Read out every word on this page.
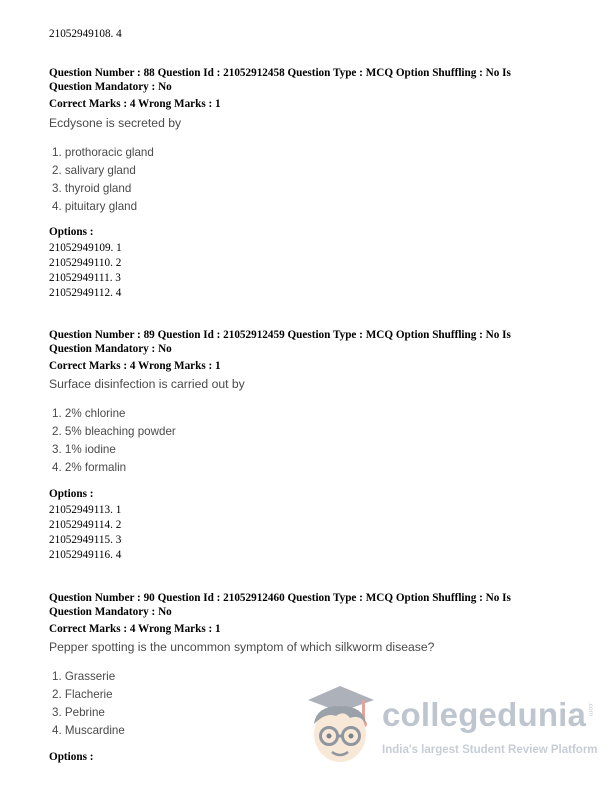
21052949108. 4
Question Number : 88 Question Id : 21052912458 Question Type : MCQ Option Shuffling : No Is
Question Mandatory : No
Correct Marks : 4 Wrong Marks : 1
Ecdysone is secreted by
1. prothoracic gland
2. salivary gland
3. thyroid gland
4. pituitary gland
Options :
21052949109. 1
21052949110. 2
21052949111. 3
21052949112. 4
Question Number : 89 Question Id : 21052912459 Question Type : MCQ Option Shuffling : No Is
Question Mandatory : No
Correct Marks : 4 Wrong Marks : 1
Surface disinfection is carried out by
1. 2% chlorine
2. 5% bleaching powder
3. 1% iodine
4. 2% formalin
Options :
21052949113. 1
21052949114. 2
21052949115. 3
21052949116. 4
Question Number : 90 Question Id : 21052912460 Question Type : MCQ Option Shuffling : No Is
Question Mandatory : No
Correct Marks : 4 Wrong Marks : 1
Pepper spotting is the uncommon symptom of which silkworm disease?
1. Grasserie
2. Flacherie
3. Pebrine
4. Muscardine
Options :
collegedunia .com
India's largest Student Review Platform
